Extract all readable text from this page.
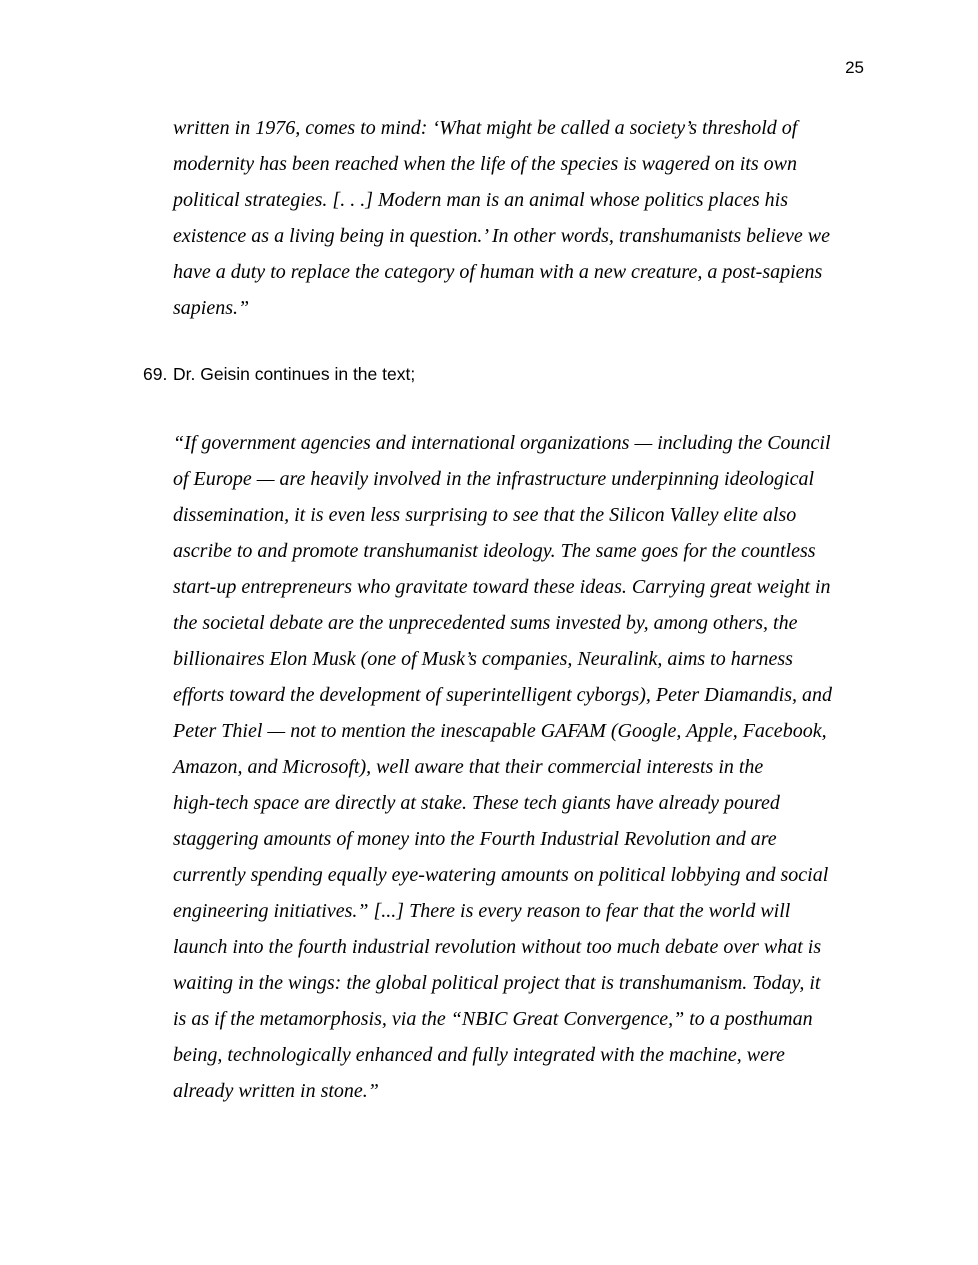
25
written in 1976, comes to mind: ‘What might be called a society’s threshold of
modernity has been reached when the life of the species is wagered on its own
political strategies. [. . .] Modern man is an animal whose politics places his
existence as a living being in question.’ In other words, transhumanists believe we
have a duty to replace the category of human with a new creature, a post-sapiens
sapiens.”
69. Dr. Geisin continues in the text;
“If government agencies and international organizations — including the Council
of Europe — are heavily involved in the infrastructure underpinning ideological
dissemination, it is even less surprising to see that the Silicon Valley elite also
ascribe to and promote transhumanist ideology. The same goes for the countless
start-up entrepreneurs who gravitate toward these ideas. Carrying great weight in
the societal debate are the unprecedented sums invested by, among others, the
billionaires Elon Musk (one of Musk’s companies, Neuralink, aims to harness
efforts toward the development of superintelligent cyborgs), Peter Diamandis, and
Peter Thiel — not to mention the inescapable GAFAM (Google, Apple, Facebook,
Amazon, and Microsoft), well aware that their commercial interests in the
high-tech space are directly at stake. These tech giants have already poured
staggering amounts of money into the Fourth Industrial Revolution and are
currently spending equally eye-watering amounts on political lobbying and social
engineering initiatives.” [...] There is every reason to fear that the world will
launch into the fourth industrial revolution without too much debate over what is
waiting in the wings: the global political project that is transhumanism. Today, it
is as if the metamorphosis, via the “NBIC Great Convergence,” to a posthuman
being, technologically enhanced and fully integrated with the machine, were
already written in stone.”
